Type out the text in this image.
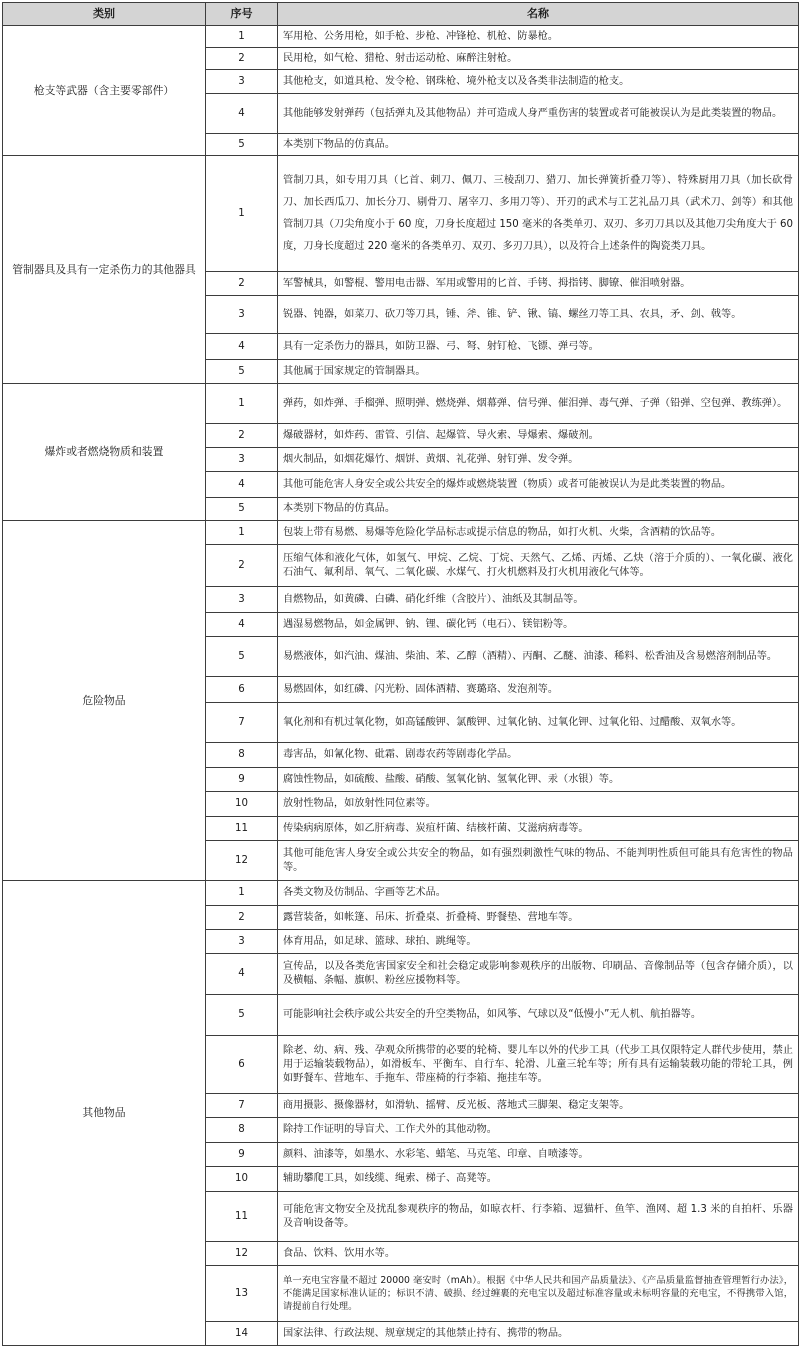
类别	序号	名称
枪支等武器（含主要零部件）	1	军用枪、公务用枪，如手枪、步枪、冲锋枪、机枪、防暴枪。
	2	民用枪，如气枪、猎枪、射击运动枪、麻醉注射枪。
	3	其他枪支，如道具枪、发令枪、钢珠枪、境外枪支以及各类非法制造的枪支。
	4	其他能够发射弹药（包括弹丸及其他物品）并可造成人身严重伤害的装置或者可能被误认为是此类装置的物品。
	5	本类别下物品的仿真品。
管制器具及具有一定杀伤力的其他器具	1	管制刀具，如专用刀具（匕首、刺刀、佩刀、三棱刮刀、猎刀、加长弹簧折叠刀等）、特殊厨用刀具（加长砍骨刀、加长西瓜刀、加长分刀、剔骨刀、屠宰刀、多用刀等）、开刃的武术与工艺礼品刀具（武术刀、剑等）和其他管制刀具（刀尖角度小于 60 度，刀身长度超过 150 毫米的各类单刃、双刃、多刃刀具以及其他刀尖角度大于 60 度，刀身长度超过 220 毫米的各类单刃、双刃、多刃刀具），以及符合上述条件的陶瓷类刀具。
	2	军警械具，如警棍、警用电击器、军用或警用的匕首、手铐、拇指铐、脚镣、催泪喷射器。
	3	锐器、钝器，如菜刀、砍刀等刀具，锤、斧、锥、铲、锹、镐、螺丝刀等工具、农具，矛、剑、戟等。
	4	具有一定杀伤力的器具，如防卫器、弓、弩、射钉枪、飞镖、弹弓等。
	5	其他属于国家规定的管制器具。
爆炸或者燃烧物质和装置	1	弹药，如炸弹、手榴弹、照明弹、燃烧弹、烟幕弹、信号弹、催泪弹、毒气弹、子弹（铅弹、空包弹、教练弹）。
	2	爆破器材，如炸药、雷管、引信、起爆管、导火索、导爆索、爆破剂。
	3	烟火制品，如烟花爆竹、烟饼、黄烟、礼花弹、射钉弹、发令弹。
	4	其他可能危害人身安全或公共安全的爆炸或燃烧装置（物质）或者可能被误认为是此类装置的物品。
	5	本类别下物品的仿真品。
危险物品	1	包装上带有易燃、易爆等危险化学品标志或提示信息的物品，如打火机、火柴，含酒精的饮品等。
	2	压缩气体和液化气体，如氢气、甲烷、乙烷、丁烷、天然气、乙烯、丙烯、乙炔（溶于介质的）、一氧化碳、液化石油气、氟利昂、氧气、二氧化碳、水煤气、打火机燃料及打火机用液化气体等。
	3	自燃物品，如黄磷、白磷、硝化纤维（含胶片）、油纸及其制品等。
	4	遇湿易燃物品，如金属钾、钠、锂、碳化钙（电石）、镁铝粉等。
	5	易燃液体，如汽油、煤油、柴油、苯、乙醇（酒精）、丙酮、乙醚、油漆、稀料、松香油及含易燃溶剂制品等。
	6	易燃固体，如红磷、闪光粉、固体酒精、赛璐珞、发泡剂等。
	7	氧化剂和有机过氧化物，如高锰酸钾、氯酸钾、过氧化钠、过氧化钾、过氧化铅、过醋酸、双氧水等。
	8	毒害品，如氰化物、砒霜、剧毒农药等剧毒化学品。
	9	腐蚀性物品，如硫酸、盐酸、硝酸、氢氧化钠、氢氧化钾、汞（水银）等。
	10	放射性物品，如放射性同位素等。
	11	传染病病原体，如乙肝病毒、炭疽杆菌、结核杆菌、艾滋病病毒等。
	12	其他可能危害人身安全或公共安全的物品，如有强烈刺激性气味的物品、不能判明性质但可能具有危害性的物品等。
其他物品	1	各类文物及仿制品、字画等艺术品。
	2	露营装备，如帐篷、吊床、折叠桌、折叠椅、野餐垫、营地车等。
	3	体育用品，如足球、篮球、球拍、跳绳等。
	4	宣传品，以及各类危害国家安全和社会稳定或影响参观秩序的出版物、印刷品、音像制品等（包含存储介质），以及横幅、条幅、旗帜、粉丝应援物料等。
	5	可能影响社会秩序或公共安全的升空类物品，如风筝、气球以及“低慢小”无人机、航拍器等。
	6	除老、幼、病、残、孕观众所携带的必要的轮椅、婴儿车以外的代步工具（代步工具仅限特定人群代步使用，禁止用于运输装载物品），如滑板车、平衡车、自行车、轮滑、儿童三轮车等；所有具有运输装载功能的带轮工具，例如野餐车、营地车、手拖车、带座椅的行李箱、拖挂车等。
	7	商用摄影、摄像器材，如滑轨、摇臂、反光板、落地式三脚架、稳定支架等。
	8	除持工作证明的导盲犬、工作犬外的其他动物。
	9	颜料、油漆等，如墨水、水彩笔、蜡笔、马克笔、印章、自喷漆等。
	10	辅助攀爬工具，如线缆、绳索、梯子、高凳等。
	11	可能危害文物安全及扰乱参观秩序的物品，如晾衣杆、行李箱、逗猫杆、鱼竿、渔网、超 1.3 米的自拍杆、乐器及音响设备等。
	12	食品、饮料、饮用水等。
	13	单一充电宝容量不超过 20000 毫安时（mAh）。根据《中华人民共和国产品质量法》、《产品质量监督抽查管理暂行办法》，不能满足国家标准认证的；标识不清、破损、经过缠裹的充电宝以及超过标准容量或未标明容量的充电宝，不得携带入馆，请提前自行处理。
	14	国家法律、行政法规、规章规定的其他禁止持有、携带的物品。
